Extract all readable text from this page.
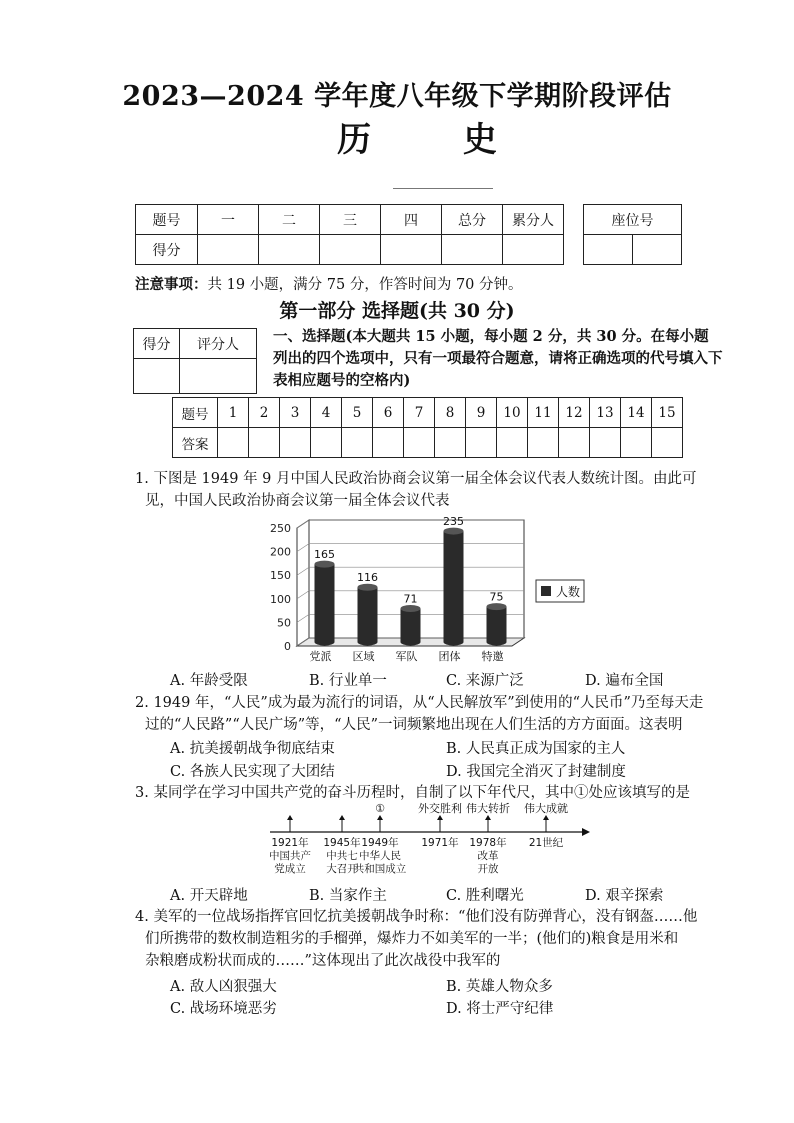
2023—2024 学年度八年级下学期阶段评估
历 史
题号	一	二	三	四	总分	累分人
得分						
座位号

注意事项：共 19 小题，满分 75 分，作答时间为 70 分钟。
第一部分 选择题(共 30 分)
得分	评分人
	一、选择题(本大题共 15 小题，每小题 2 分，共 30 分。在每小题列出的四个选项中，只有一项最符合题意，请将正确选项的代号填入下表相应题号的空格内)
题号	1	2	3	4	5	6	7	8	9	10	11	12	13	14	15
答案															
1. 下图是 1949 年 9 月中国人民政治协商会议第一届全体会议代表人数统计图。由此可
见，中国人民政治协商会议第一届全体会议代表
0
50
100
150
200
250
165
党派
116
区域
71
军队
235
团体
75
特邀
人数
A. 年龄受限	B. 行业单一	C. 来源广泛	D. 遍布全国
2. 1949 年，“人民”成为最为流行的词语，从“人民解放军”到使用的“人民币”乃至每天走
过的“人民路”“人民广场”等，“人民”一词频繁地出现在人们生活的方方面面。这表明
A. 抗美援朝战争彻底结束	B. 人民真正成为国家的主人
C. 各族人民实现了大团结	D. 我国完全消灭了封建制度
3. 某同学在学习中国共产党的奋斗历程时，自制了以下年代尺，其中①处应该填写的是
①	外交胜利 伟大转折 伟大成就
1921年
中国共产
党成立
1945年
中共七
大召开
1949年
中华人民
共和国成立
1971年 1978年
改革
开放
21世纪
A. 开天辟地	B. 当家作主	C. 胜利曙光	D. 艰辛探索
4. 美军的一位战场指挥官回忆抗美援朝战争时称：“他们没有防弹背心，没有钢盔……他
们所携带的数枚制造粗劣的手榴弹，爆炸力不如美军的一半；(他们的)粮食是用米和
杂粮磨成粉状而成的……”这体现出了此次战役中我军的
A. 敌人凶狠强大	B. 英雄人物众多
C. 战场环境恶劣	D. 将士严守纪律
